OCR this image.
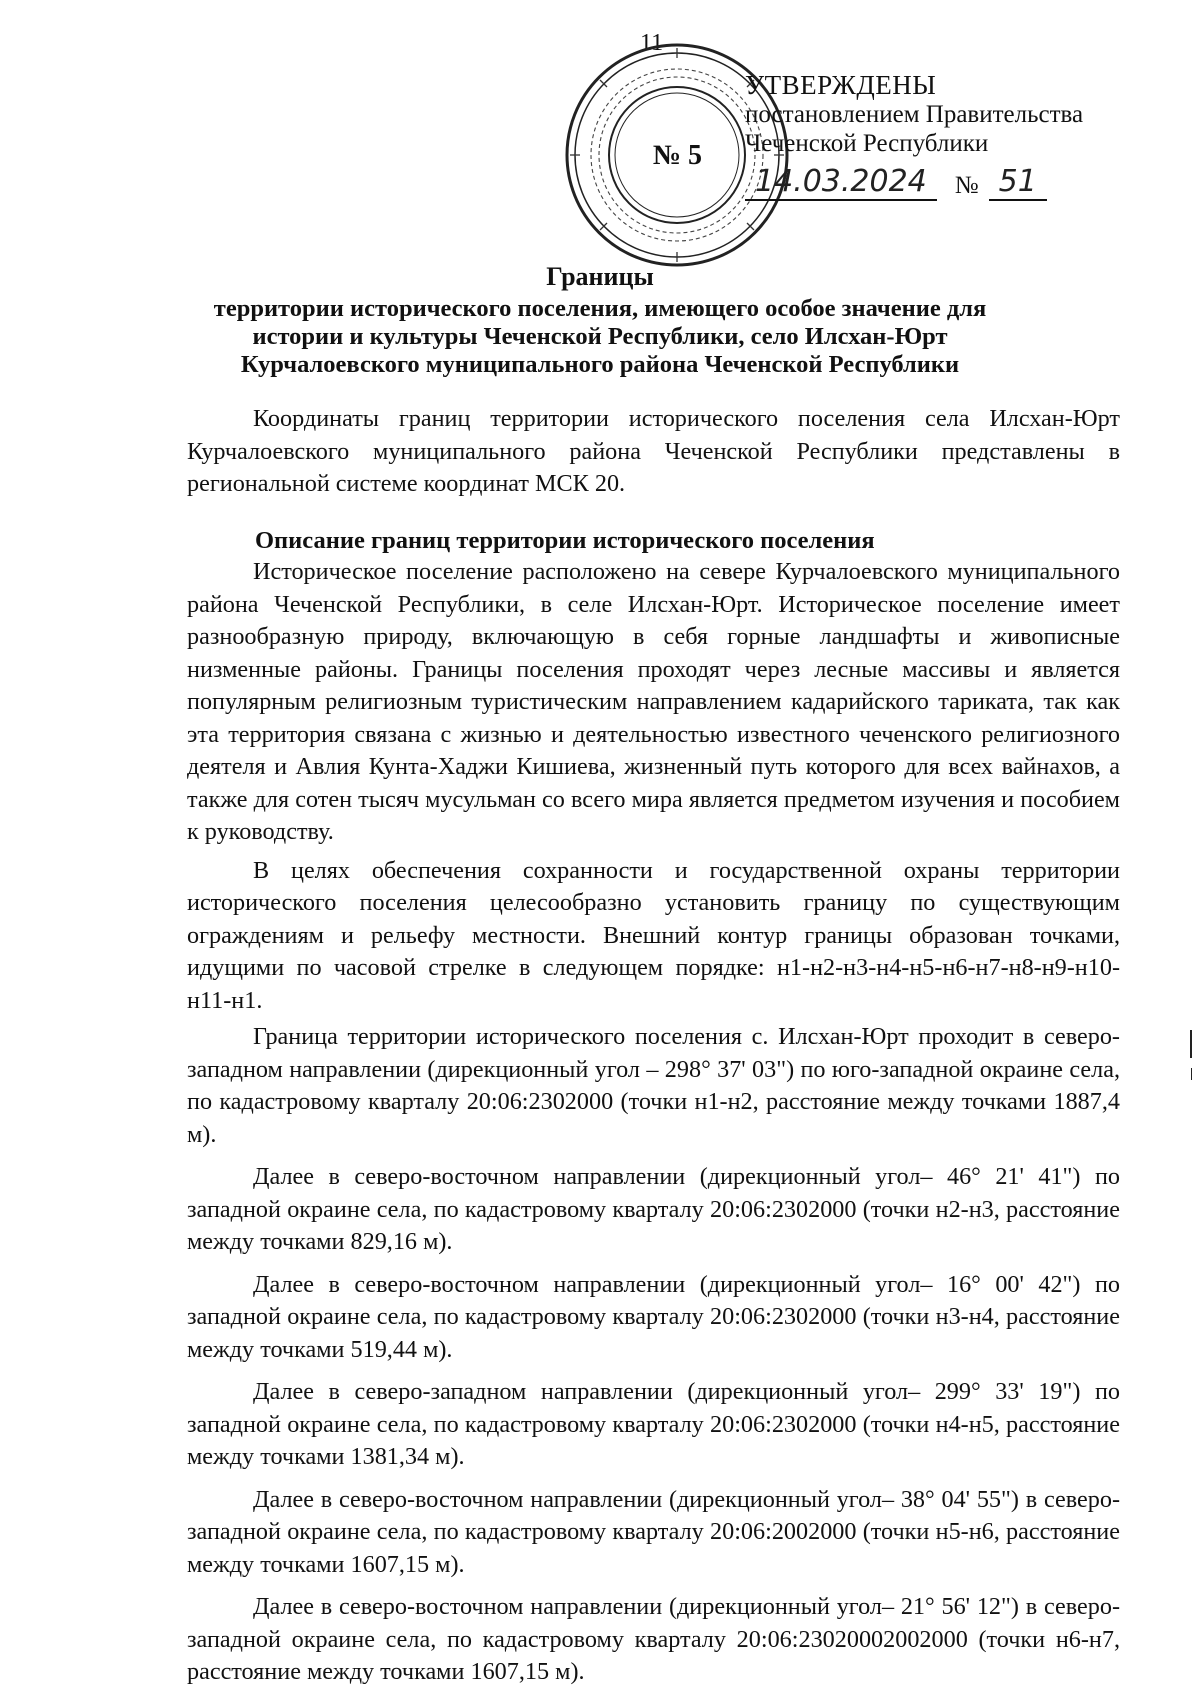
11
№ 5
УТВЕРЖДЕНЫ
постановлением Правительства
Чеченской Республики
14.03.2024	№ 51
Границы
территории исторического поселения, имеющего особое значение для
истории и культуры Чеченской Республики, село Илсхан-Юрт
Курчалоевского муниципального района Чеченской Республики

Координаты границ территории исторического поселения села Илсхан-Юрт Курчалоевского муниципального района Чеченской Республики представлены в региональной системе координат МСК 20.

Описание границ территории исторического поселения

Историческое поселение расположено на севере Курчалоевского муниципального района Чеченской Республики, в селе Илсхан-Юрт. Историческое поселение имеет разнообразную природу, включающую в себя горные ландшафты и живописные низменные районы. Границы поселения проходят через лесные массивы и является популярным религиозным туристическим направлением кадарийского тариката, так как эта территория связана с жизнью и деятельностью известного чеченского религиозного деятеля и Авлия Кунта-Хаджи Кишиева, жизненный путь которого для всех вайнахов, а также для сотен тысяч мусульман со всего мира является предметом изучения и пособием к руководству.

В целях обеспечения сохранности и государственной охраны территории исторического поселения целесообразно установить границу по существующим ограждениям и рельефу местности. Внешний контур границы образован точками, идущими по часовой стрелке в следующем порядке: н1-н2-н3-н4-н5-н6-н7-н8-н9-н10-н11-н1.

Граница территории исторического поселения с. Илсхан-Юрт проходит в северо-западном направлении (дирекционный угол – 298° 37' 03") по юго-западной окраине села, по кадастровому кварталу 20:06:2302000 (точки н1-н2, расстояние между точками 1887,4 м).

Далее в северо-восточном направлении (дирекционный угол– 46° 21' 41") по западной окраине села, по кадастровому кварталу 20:06:2302000 (точки н2-н3, расстояние между точками 829,16 м).

Далее в северо-восточном направлении (дирекционный угол– 16° 00' 42") по западной окраине села, по кадастровому кварталу 20:06:2302000 (точки н3-н4, расстояние между точками 519,44 м).

Далее в северо-западном направлении (дирекционный угол– 299° 33' 19") по западной окраине села, по кадастровому кварталу 20:06:2302000 (точки н4-н5, расстояние между точками 1381,34 м).

Далее в северо-восточном направлении (дирекционный угол– 38° 04' 55") в северо-западной окраине села, по кадастровому кварталу 20:06:2002000 (точки н5-н6, расстояние между точками 1607,15 м).

Далее в северо-восточном направлении (дирекционный угол– 21° 56' 12") в северо-западной окраине села, по кадастровому кварталу 20:06:23020002002000 (точки н6-н7, расстояние между точками 1607,15 м).
